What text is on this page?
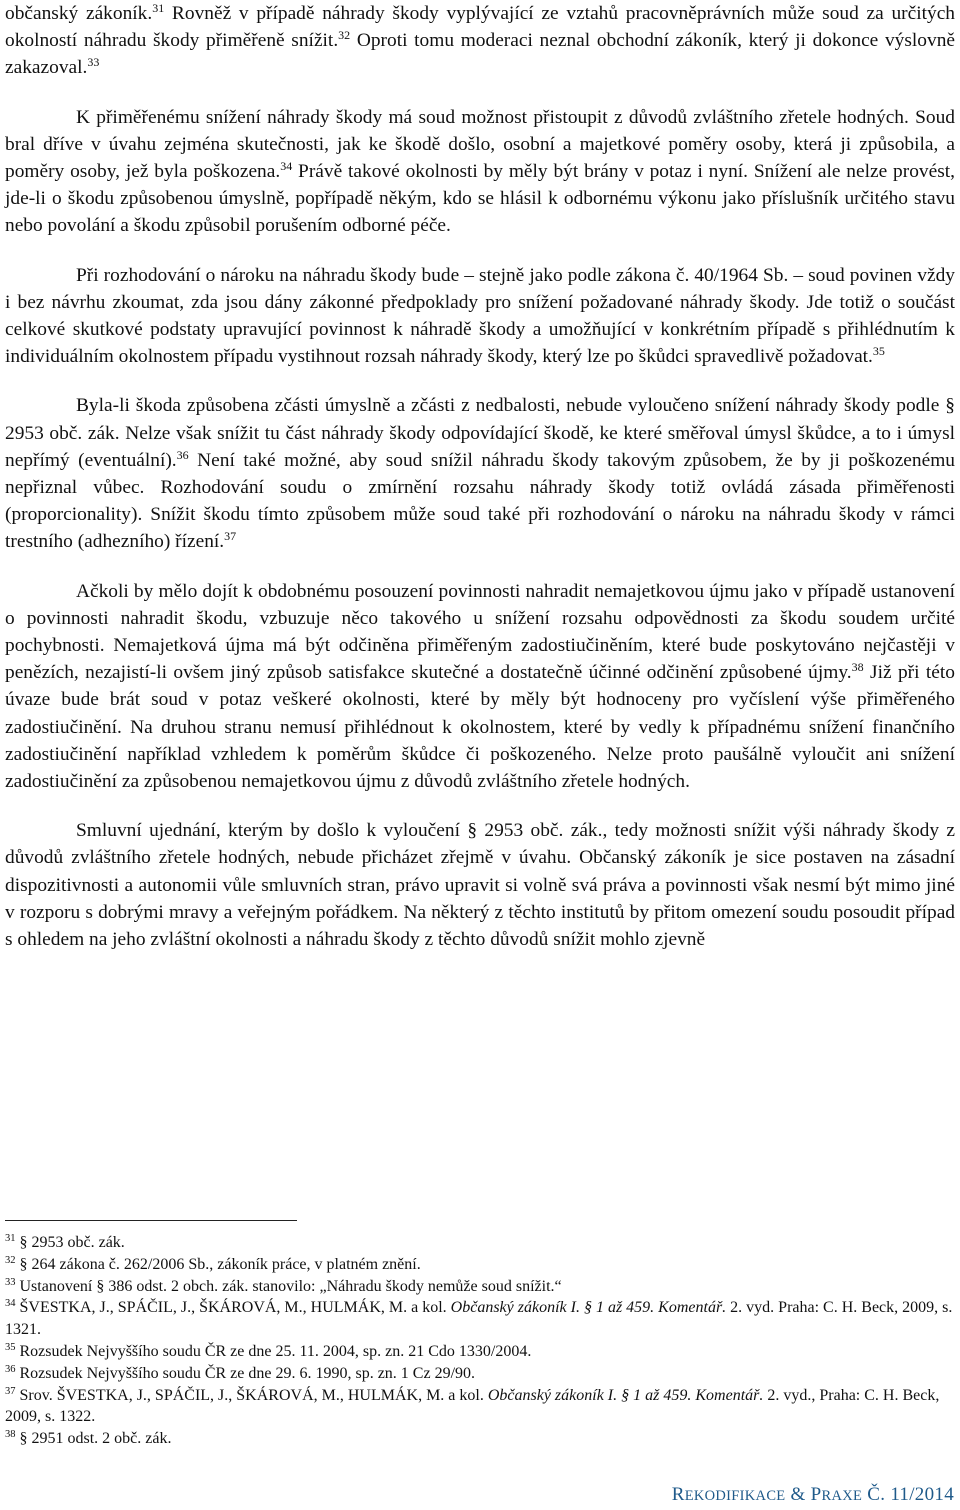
občanský zákoník.$^{31}$ Rovněž v případě náhrady škody vyplývající ze vztahů pracovněprávních může soud za určitých okolností náhradu škody přiměřeně snížit.$^{32}$ Oproti tomu moderaci neznal obchodní zákoník, který ji dokonce výslovně zakazoval.$^{33}$

K přiměřenému snížení náhrady škody má soud možnost přistoupit z důvodů zvláštního zřetele hodných. Soud bral dříve v úvahu zejména skutečnosti, jak ke škodě došlo, osobní a majetkové poměry osoby, která ji způsobila, a poměry osoby, jež byla poškozena.$^{34}$ Právě takové okolnosti by měly být brány v potaz i nyní. Snížení ale nelze provést, jde-li o škodu způsobenou úmyslně, popřípadě někým, kdo se hlásil k odbornému výkonu jako příslušník určitého stavu nebo povolání a škodu způsobil porušením odborné péče.

Při rozhodování o nároku na náhradu škody bude – stejně jako podle zákona č. 40/1964 Sb. – soud povinen vždy i bez návrhu zkoumat, zda jsou dány zákonné předpoklady pro snížení požadované náhrady škody. Jde totiž o součást celkové skutkové podstaty upravující povinnost k náhradě škody a umožňující v konkrétním případě s přihlédnutím k individuálním okolnostem případu vystihnout rozsah náhrady škody, který lze po škůdci spravedlivě požadovat.$^{35}$

Byla-li škoda způsobena zčásti úmyslně a zčásti z nedbalosti, nebude vyloučeno snížení náhrady škody podle § 2953 obč. zák. Nelze však snížit tu část náhrady škody odpovídající škodě, ke které směřoval úmysl škůdce, a to i úmysl nepřímý (eventuální).$^{36}$ Není také možné, aby soud snížil náhradu škody takovým způsobem, že by ji poškozenému nepřiznal vůbec. Rozhodování soudu o zmírnění rozsahu náhrady škody totiž ovládá zásada přiměřenosti (proporcionality). Snížit škodu tímto způsobem může soud také při rozhodování o nároku na náhradu škody v rámci trestního (adhezního) řízení.$^{37}$

Ačkoli by mělo dojít k obdobnému posouzení povinnosti nahradit nemajetkovou újmu jako v případě ustanovení o povinnosti nahradit škodu, vzbuzuje něco takového u snížení rozsahu odpovědnosti za škodu soudem určité pochybnosti. Nemajetková újma má být odčiněna přiměřeným zadostiučiněním, které bude poskytováno nejčastěji v penězích, nezajistí-li ovšem jiný způsob satisfakce skutečné a dostatečně účinné odčinění způsobené újmy.$^{38}$ Již při této úvaze bude brát soud v potaz veškeré okolnosti, které by měly být hodnoceny pro vyčíslení výše přiměřeného zadostiučinění. Na druhou stranu nemusí přihlédnout k okolnostem, které by vedly k případnému snížení finančního zadostiučinění například vzhledem k poměrům škůdce či poškozeného. Nelze proto paušálně vyloučit ani snížení zadostiučinění za způsobenou nemajetkovou újmu z důvodů zvláštního zřetele hodných.

Smluvní ujednání, kterým by došlo k vyloučení § 2953 obč. zák., tedy možnosti snížit výši náhrady škody z důvodů zvláštního zřetele hodných, nebude přicházet zřejmě v úvahu. Občanský zákoník je sice postaven na zásadní dispozitivnosti a autonomii vůle smluvních stran, právo upravit si volně svá práva a povinnosti však nesmí být mimo jiné v rozporu s dobrými mravy a veřejným pořádkem. Na některý z těchto institutů by přitom omezení soudu posoudit případ s ohledem na jeho zvláštní okolnosti a náhradu škody z těchto důvodů snížit mohlo zjevně

$^{31}$ § 2953 obč. zák.
$^{32}$ § 264 zákona č. 262/2006 Sb., zákoník práce, v platném znění.
$^{33}$ Ustanovení § 386 odst. 2 obch. zák. stanovilo: „Náhradu škody nemůže soud snížit.“
$^{34}$ ŠVESTKA, J., SPÁČIL, J., ŠKÁROVÁ, M., HULMÁK, M. a kol. Občanský zákoník I. § 1 až 459. Komentář. 2. vyd. Praha: C. H. Beck, 2009, s. 1321.
$^{35}$ Rozsudek Nejvyššího soudu ČR ze dne 25. 11. 2004, sp. zn. 21 Cdo 1330/2004.
$^{36}$ Rozsudek Nejvyššího soudu ČR ze dne 29. 6. 1990, sp. zn. 1 Cz 29/90.
$^{37}$ Srov. ŠVESTKA, J., SPÁČIL, J., ŠKÁROVÁ, M., HULMÁK, M. a kol. Občanský zákoník I. § 1 až 459. Komentář. 2. vyd., Praha: C. H. Beck, 2009, s. 1322.
$^{38}$ § 2951 odst. 2 obč. zák.
REKODIFIKACE & PRAXE Č. 11/2014
